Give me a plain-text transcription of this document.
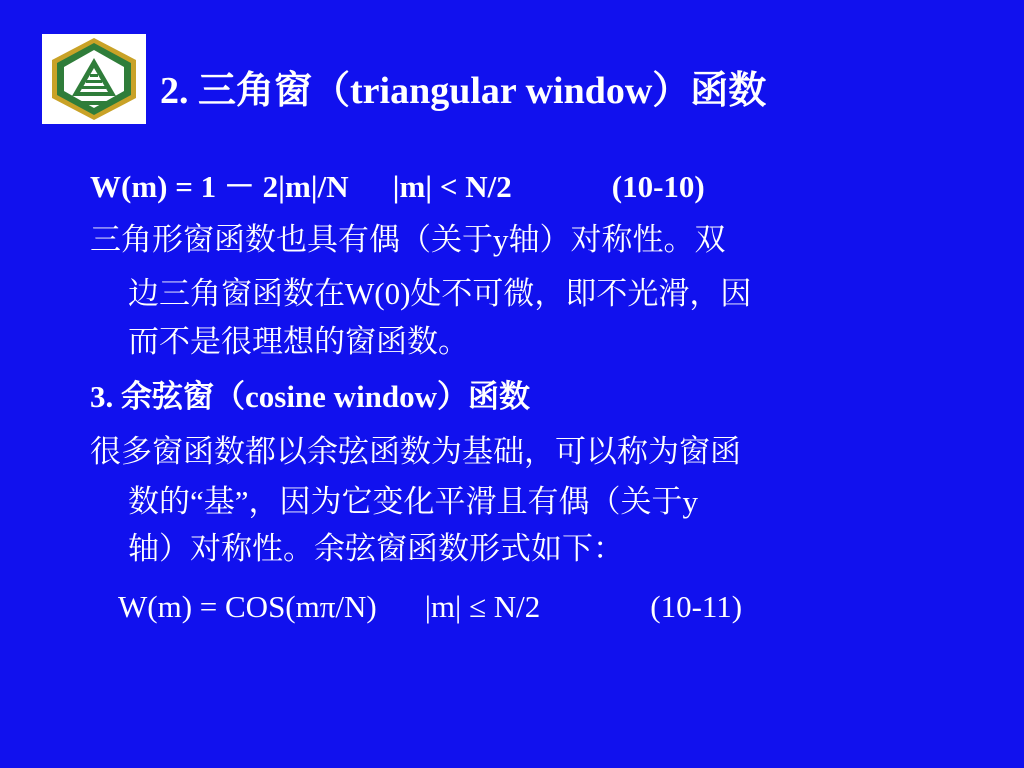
2. 三角窗（triangular window）函数
W(m) = 1 － 2|m|/N |m| < N/2	(10-10)
三角形窗函数也具有偶（关于y轴）对称性。双
边三角窗函数在W(0)处不可微，即不光滑，因
而不是很理想的窗函数。
3. 余弦窗（cosine window）函数
很多窗函数都以余弦函数为基础，可以称为窗函
数的“基”，因为它变化平滑且有偶（关于y
轴）对称性。余弦窗函数形式如下：
W(m) = COS(mπ/N) |m| ≤ N/2	(10-11)
